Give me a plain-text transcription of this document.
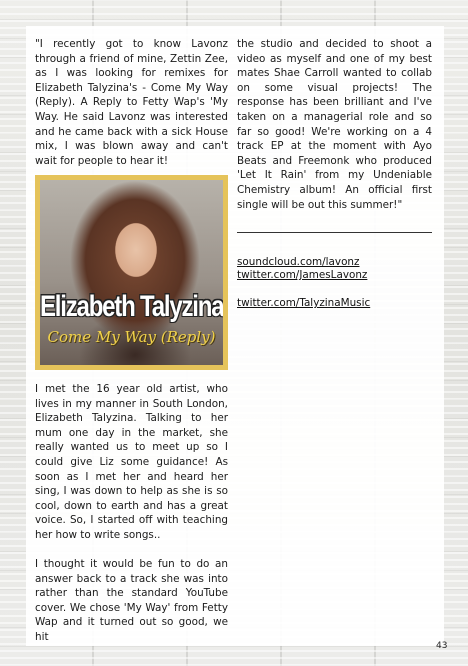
"I recently got to know Lavonz through a friend of mine, Zettin Zee, as I was looking for remixes for Elizabeth Talyzina's - Come My Way (Reply). A Reply to Fetty Wap's 'My Way. He said Lavonz was interested and he came back with a sick House mix, I was blown away and can't wait for people to hear it!

Elizabeth Talyzina
Come My Way (Reply)

I met the 16 year old artist, who lives in my manner in South London, Elizabeth Talyzina. Talking to her mum one day in the market, she really wanted us to meet up so I could give Liz some guidance! As soon as I met her and heard her sing, I was down to help as she is so cool, down to earth and has a great voice. So, I started off with teaching her how to write songs..

I thought it would be fun to do an answer back to a track she was into rather than the standard YouTube cover. We chose 'My Way' from Fetty Wap and it turned out so good, we hit

the studio and decided to shoot a video as myself and one of my best mates Shae Carroll wanted to collab on some visual projects! The response has been brilliant and I've taken on a managerial role and so far so good! We're working on a 4 track EP at the moment with Ayo Beats and Freemonk who produced 'Let It Rain' from my Undeniable Chemistry album! An official first single will be out this summer!"

soundcloud.com/lavonz
twitter.com/JamesLavonz
twitter.com/TalyzinaMusic
43
